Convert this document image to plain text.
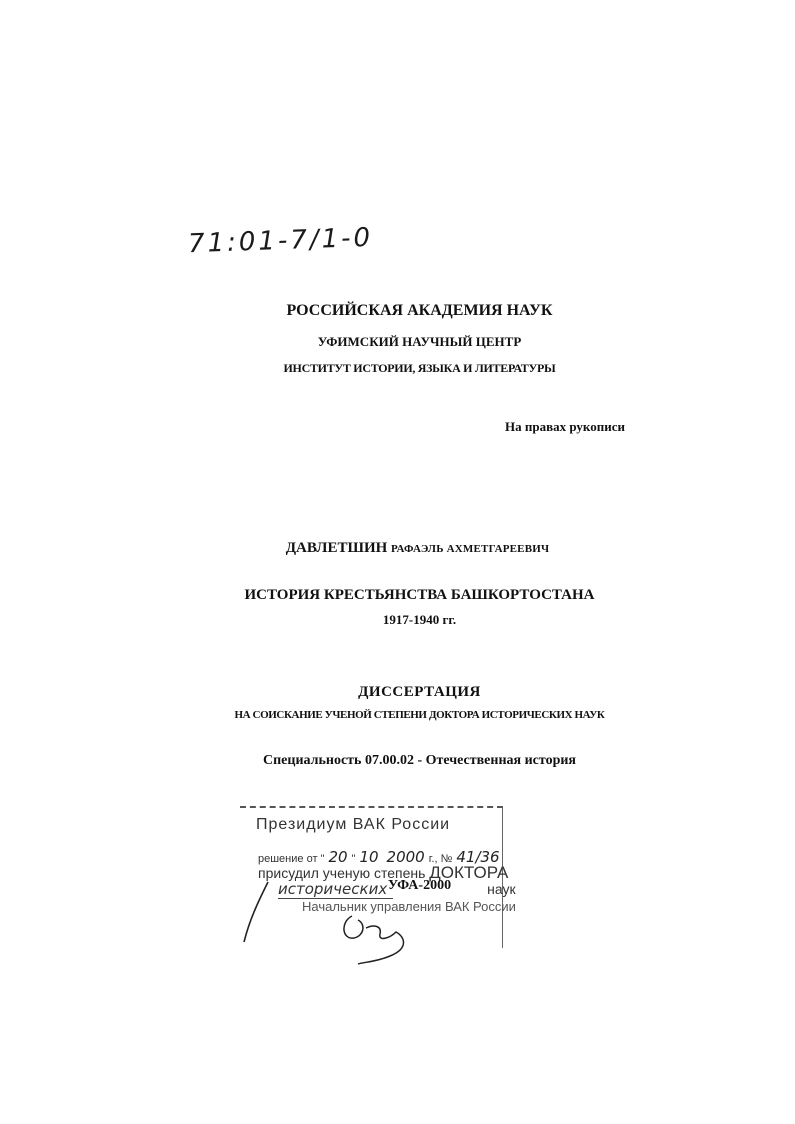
71:01-7/1-0
РОССИЙСКАЯ АКАДЕМИЯ НАУК
УФИМСКИЙ НАУЧНЫЙ ЦЕНТР
ИНСТИТУТ ИСТОРИИ, ЯЗЫКА И ЛИТЕРАТУРЫ
На правах рукописи
ДАВЛЕТШИН РАФАЭЛЬ АХМЕТГАРЕЕВИЧ
ИСТОРИЯ КРЕСТЬЯНСТВА БАШКОРТОСТАНА
1917-1940 гг.
ДИССЕРТАЦИЯ
НА СОИСКАНИЕ УЧЕНОЙ СТЕПЕНИ ДОКТОРА ИСТОРИЧЕСКИХ НАУК
Специальность 07.00.02 - Отечественная история
Президиум ВАК России
решение от " 20 " 10 2000 г., № 41/36
присудил ученую степень ДОКТОРА
исторических	наук
Начальник управления ВАК России
УФА-2000
